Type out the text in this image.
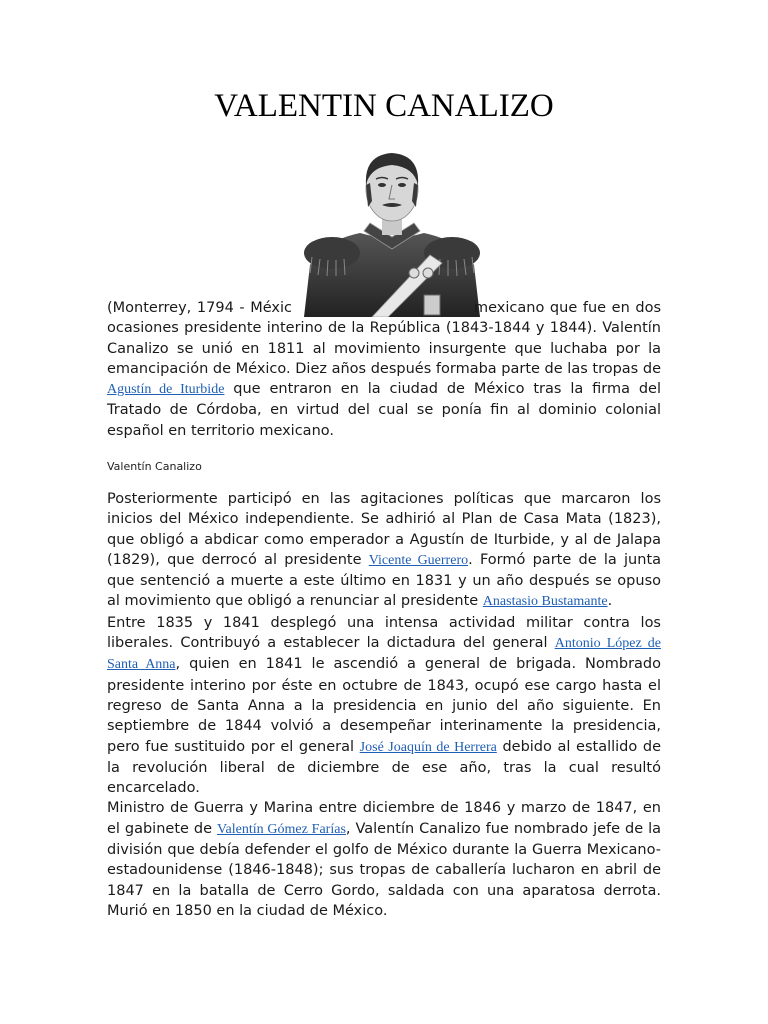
VALENTIN CANALIZO

(Monterrey, 1794 - Méxic	mexicano que fue en dos ocasiones presidente interino de la República (1843-1844 y 1844). Valentín Canalizo se unió en 1811 al movimiento insurgente que luchaba por la emancipación de México. Diez años después formaba parte de las tropas de Agustín de Iturbide que entraron en la ciudad de México tras la firma del Tratado de Córdoba, en virtud del cual se ponía fin al dominio colonial español en territorio mexicano.

Valentín Canalizo

Posteriormente participó en las agitaciones políticas que marcaron los inicios del México independiente. Se adhirió al Plan de Casa Mata (1823), que obligó a abdicar como emperador a Agustín de Iturbide, y al de Jalapa (1829), que derrocó al presidente Vicente Guerrero. Formó parte de la junta que sentenció a muerte a este último en 1831 y un año después se opuso al movimiento que obligó a renunciar al presidente Anastasio Bustamante.
Entre 1835 y 1841 desplegó una intensa actividad militar contra los liberales. Contribuyó a establecer la dictadura del general Antonio López de Santa Anna, quien en 1841 le ascendió a general de brigada. Nombrado presidente interino por éste en octubre de 1843, ocupó ese cargo hasta el regreso de Santa Anna a la presidencia en junio del año siguiente. En septiembre de 1844 volvió a desempeñar interinamente la presidencia, pero fue sustituido por el general José Joaquín de Herrera debido al estallido de la revolución liberal de diciembre de ese año, tras la cual resultó encarcelado.
Ministro de Guerra y Marina entre diciembre de 1846 y marzo de 1847, en el gabinete de Valentín Gómez Farías, Valentín Canalizo fue nombrado jefe de la división que debía defender el golfo de México durante la Guerra Mexicano-estadounidense (1846-1848); sus tropas de caballería lucharon en abril de 1847 en la batalla de Cerro Gordo, saldada con una aparatosa derrota. Murió en 1850 en la ciudad de México.
